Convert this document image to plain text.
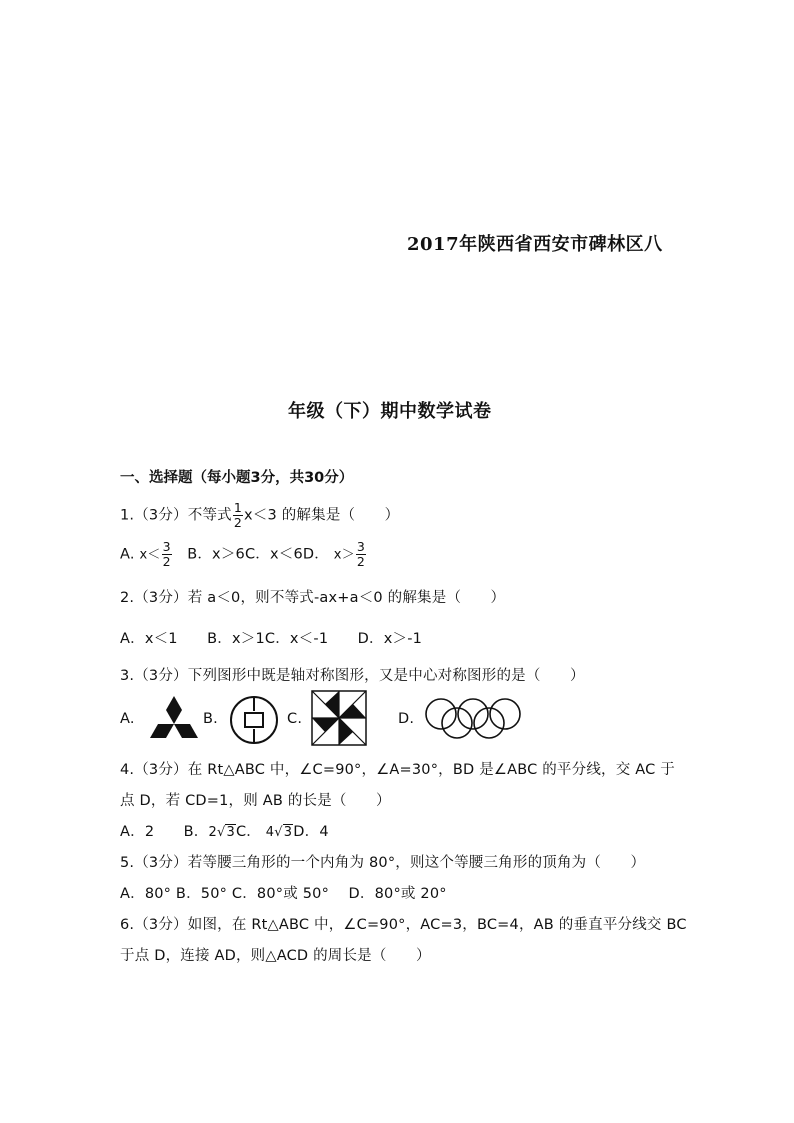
2017年陕西省西安市碑林区八
年级（下）期中数学试卷
一、选择题（每小题3分，共30分）
1.（3分）不等式 $\frac{1}{2} x<3$ 的解集是（　　）
A. $x< \frac{3}{2}$ B．x＞6C．x＜6D． $x> \frac{3}{2}$
2.（3分）若 a＜0，则不等式-ax+a＜0 的解集是（　　）
A．x＜1　　B．x＞1C．x＜-1　　D．x＞-1
3.（3分）下列图形中既是轴对称图形，又是中心对称图形的是（　　）
A.	B.	C.	D.
4.（3分）在 Rt△ABC 中，∠C=90°，∠A=30°，BD 是∠ABC 的平分线，交 AC 于
点 D，若 CD=1，则 AB 的长是（　　）
A．2　　B．2√3C． 4√3D．4
5.（3分）若等腰三角形的一个内角为 80°，则这个等腰三角形的顶角为（　　）
A．80° B．50° C．80°或 50°　 D．80°或 20°
6.（3分）如图，在 Rt△ABC 中，∠C=90°，AC=3，BC=4，AB 的垂直平分线交 BC
于点 D，连接 AD，则△ACD 的周长是（　　）
